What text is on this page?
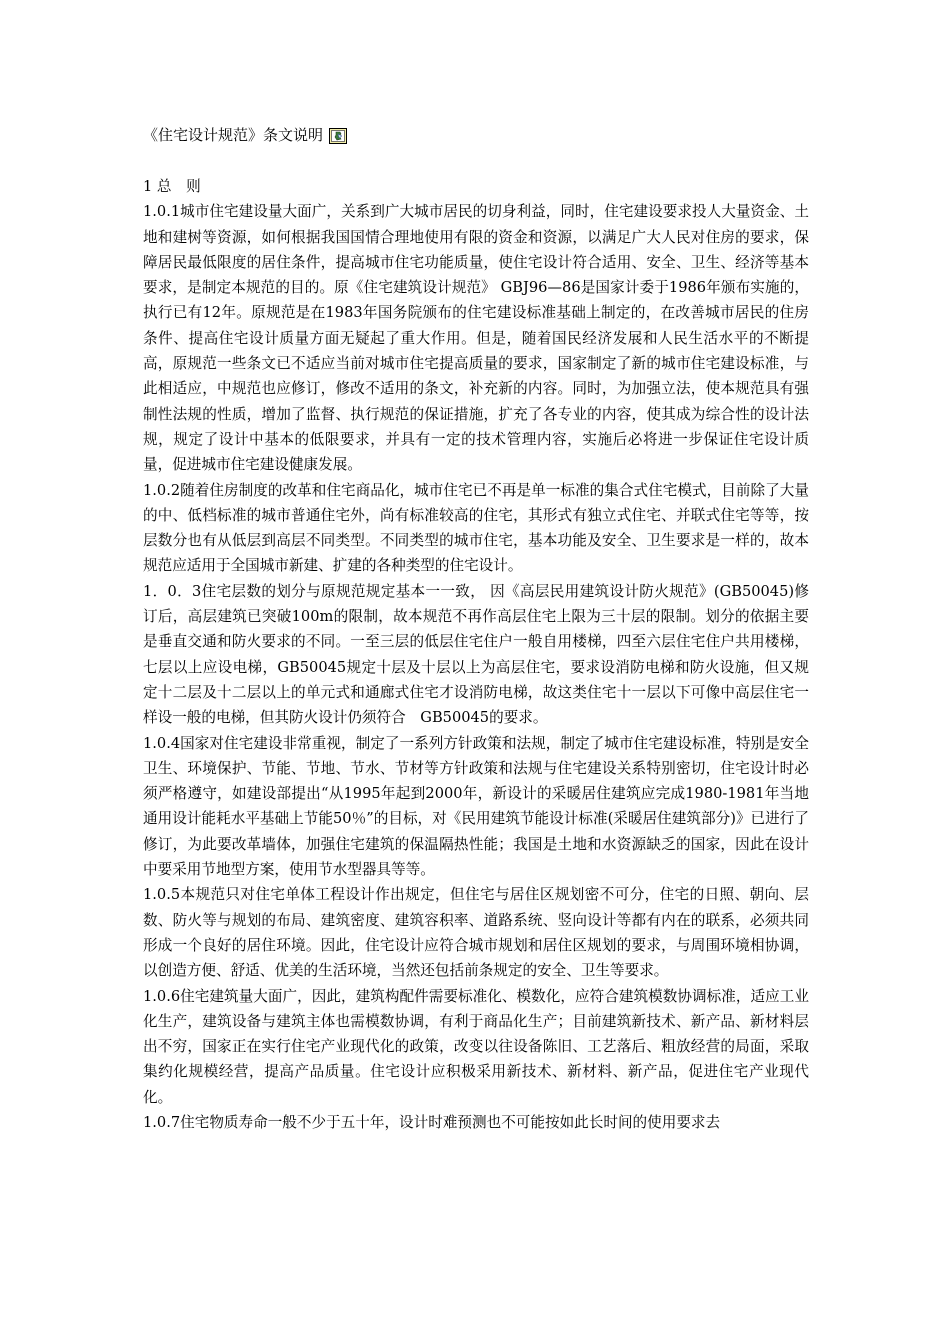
《住宅设计规范》条文说明

1 总　则

1.0.1城市住宅建设量大面广，关系到广大城市居民的切身利益，同时，住宅建设要求投人大量资金、土地和建树等资源，如何根据我国国情合理地使用有限的资金和资源，以满足广大人民对住房的要求，保障居民最低限度的居住条件，提高城市住宅功能质量，使住宅设计符合适用、安全、卫生、经济等基本要求，是制定本规范的目的。原《住宅建筑设计规范》 GBJ96—86是国家计委于1986年颁布实施的，执行已有12年。原规范是在1983年国务院颁布的住宅建设标准基础上制定的，在改善城市居民的住房条件、提高住宅设计质量方面无疑起了重大作用。但是，随着国民经济发展和人民生活水平的不断提高，原规范一些条文已不适应当前对城市住宅提高质量的要求，国家制定了新的城市住宅建设标准，与此相适应，中规范也应修订，修改不适用的条文，补充新的内容。同时，为加强立法，使本规范具有强制性法规的性质，增加了监督、执行规范的保证措施，扩充了各专业的内容，使其成为综合性的设计法规，规定了设计中基本的低限要求，并具有一定的技术管理内容，实施后必将进一步保证住宅设计质量，促进城市住宅建设健康发展。

1.0.2随着住房制度的改革和住宅商品化，城市住宅已不再是单一标准的集合式住宅模式，目前除了大量的中、低档标准的城市普通住宅外，尚有标准较高的住宅，其形式有独立式住宅、并联式住宅等等，按层数分也有从低层到高层不同类型。不同类型的城市住宅，基本功能及安全、卫生要求是一样的，故本规范应适用于全国城市新建、扩建的各种类型的住宅设计。

1．0．3住宅层数的划分与原规范规定基本一一致， 因《高层民用建筑设计防火规范》(GB50045)修订后，高层建筑已突破100m的限制，故本规范不再作高层住宅上限为三十层的限制。划分的依据主要是垂直交通和防火要求的不同。一至三层的低层住宅住户一般自用楼梯，四至六层住宅住户共用楼梯，七层以上应设电梯，GB50045规定十层及十层以上为高层住宅，要求设消防电梯和防火设施，但又规定十二层及十二层以上的单元式和通廊式住宅才设消防电梯，故这类住宅十一层以下可像中高层住宅一样设一般的电梯，但其防火设计仍须符合　GB50045的要求。

1.0.4国家对住宅建设非常重视，制定了一系列方针政策和法规，制定了城市住宅建设标准，特别是安全卫生、环境保护、节能、节地、节水、节材等方针政策和法规与住宅建设关系特别密切，住宅设计时必须严格遵守，如建设部提出“从1995年起到2000年，新设计的采暖居住建筑应完成1980-1981年当地通用设计能耗水平基础上节能50％”的目标，对《民用建筑节能设计标准(采暖居住建筑部分)》已进行了修订，为此要改革墙体，加强住宅建筑的保温隔热性能；我国是土地和水资源缺乏的国家，因此在设计中要采用节地型方案，使用节水型器具等等。

1.0.5本规范只对住宅单体工程设计作出规定，但住宅与居住区规划密不可分，住宅的日照、朝向、层数、防火等与规划的布局、建筑密度、建筑容积率、道路系统、竖向设计等都有内在的联系，必须共同形成一个良好的居住环境。因此，住宅设计应符合城市规划和居住区规划的要求，与周围环境相协调，以创造方便、舒适、优美的生活环境，当然还包括前条规定的安全、卫生等要求。

1.0.6住宅建筑量大面广，因此，建筑构配件需要标准化、模数化，应符合建筑模数协调标准，适应工业化生产，建筑设备与建筑主体也需模数协调，有利于商品化生产；目前建筑新技术、新产品、新材料层出不穷，国家正在实行住宅产业现代化的政策，改变以往设备陈旧、工艺落后、粗放经营的局面，采取集约化规模经营，提高产品质量。住宅设计应积极采用新技术、新材料、新产品，促进住宅产业现代化。

1.0.7住宅物质寿命一般不少于五十年，设计时难预测也不可能按如此长时间的使用要求去
